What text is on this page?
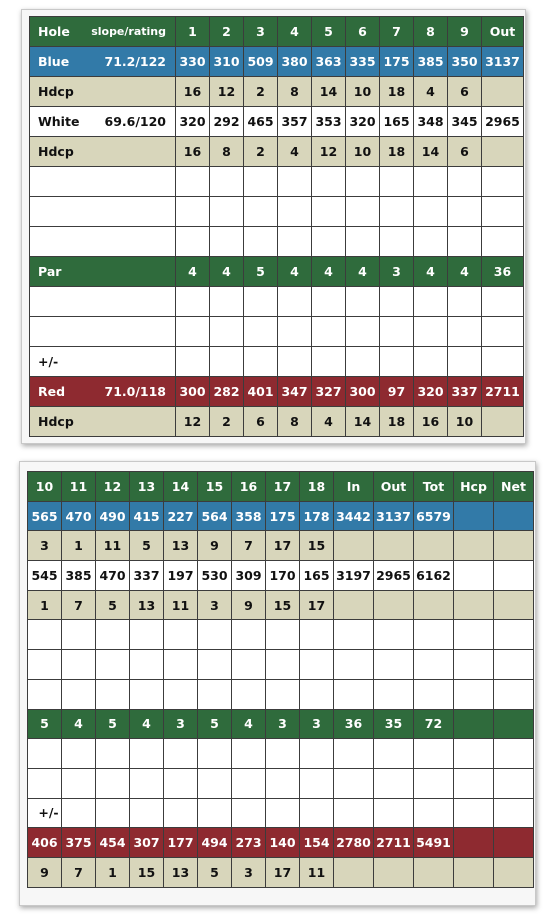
Hole slope/rating	1	2	3	4	5	6	7	8	9	Out

Blue 71.2/122	330	310	509	380	363	335	175	385	350	3137

Hdcp	16	12	2	8	14	10	18	4	6	

White 69.6/120	320	292	465	357	353	320	165	348	345	2965

Hdcp	16	8	2	4	12	10	18	14	6	

Par	4	4	5	4	4	4	3	4	4	36

+/-										

Red 71.0/118	300	282	401	347	327	300	97	320	337	2711

Hdcp	12	2	6	8	4	14	18	16	10	
10	11	12	13	14	15	16	17	18	In	Out	Tot	Hcp	Net
565	470	490	415	227	564	358	175	178	3442	3137	6579		
3	1	11	5	13	9	7	17	15					
545	385	470	337	197	530	309	170	165	3197	2965	6162		
1	7	5	13	11	3	9	15	17					

5	4	5	4	3	5	4	3	3	36	35	72		

+/-													
406	375	454	307	177	494	273	140	154	2780	2711	5491		
9	7	1	15	13	5	3	17	11					
